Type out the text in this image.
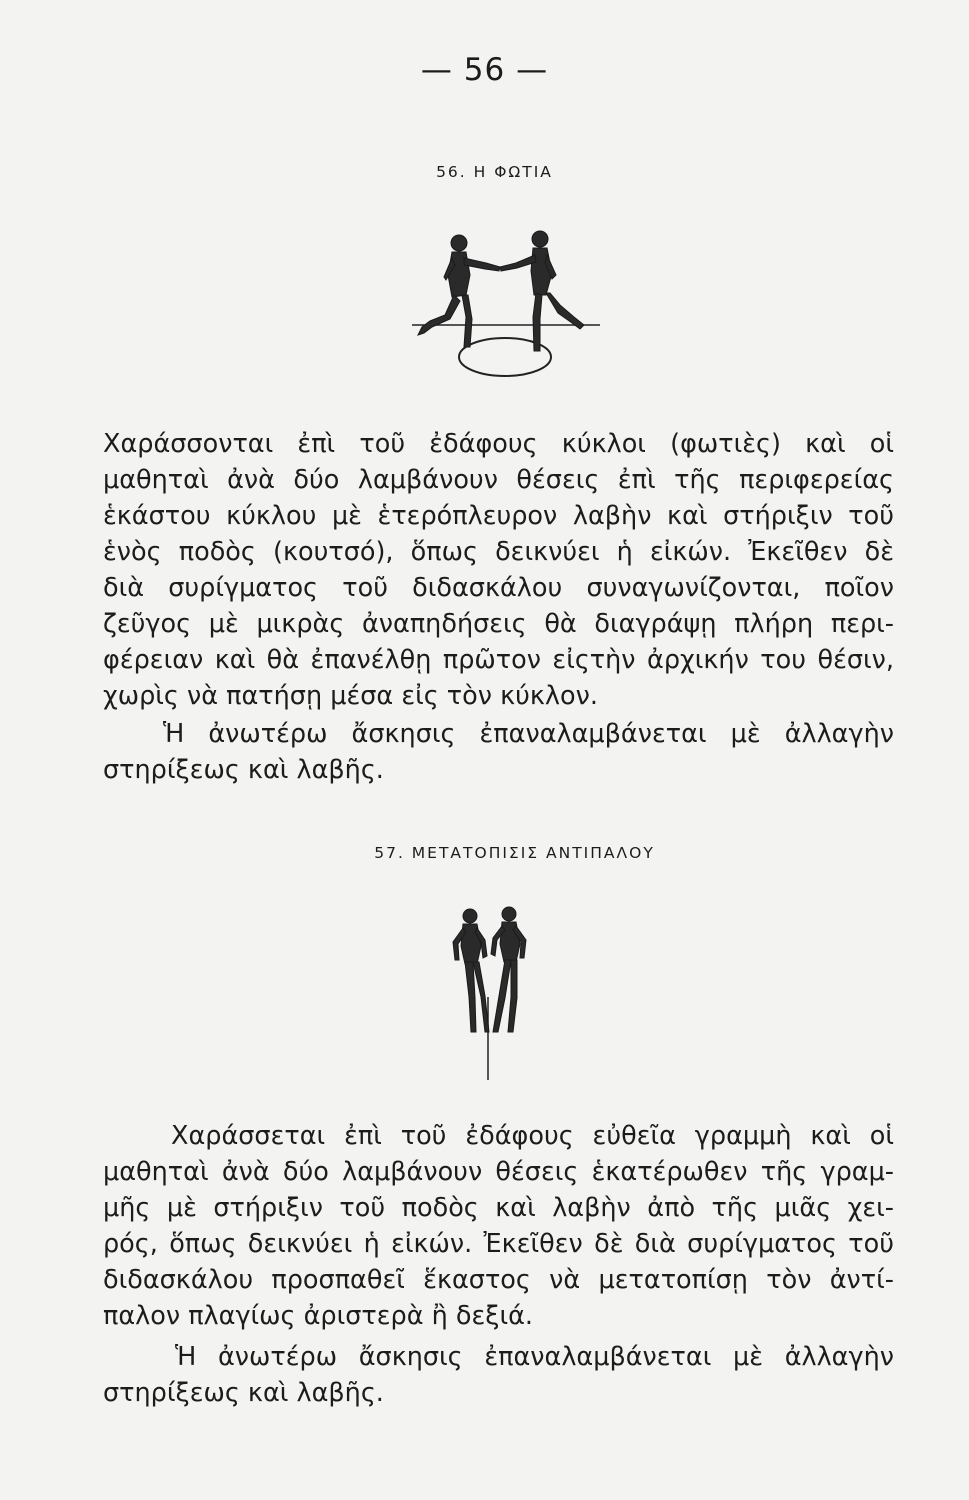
— 56 —
56. Η ΦΩΤΙΑ
Χαράσσονται ἐπὶ τοῦ ἐδάφους κύκλοι (φωτιὲς) καὶ οἱ
μαθηταὶ ἀνὰ δύο λαμβάνουν θέσεις ἐπὶ τῆς περιφερείας
ἑκάστου κύκλου μὲ ἑτερόπλευρον λαβὴν καὶ στήριξιν τοῦ
ἑνὸς ποδὸς (κουτσό), ὅπως δεικνύει ἡ εἰκών. Ἐκεῖθεν δὲ
διὰ συρίγματος τοῦ διδασκάλου συναγωνίζονται, ποῖον
ζεῦγος μὲ μικρὰς ἀναπηδήσεις θὰ διαγράψῃ πλήρη περι-
φέρειαν καὶ θὰ ἐπανέλθῃ πρῶτον εἰςτὴν ἀρχικήν του θέσιν,
χωρὶς νὰ πατήσῃ μέσα εἰς τὸν κύκλον.
Ἡ ἀνωτέρω ἄσκησις ἐπαναλαμβάνεται μὲ ἀλλαγὴν
στηρίξεως καὶ λαβῆς.
57. ΜΕΤΑΤΟΠΙΣΙΣ ΑΝΤΙΠΑΛΟΥ
Χαράσσεται ἐπὶ τοῦ ἐδάφους εὐθεῖα γραμμὴ καὶ οἱ
μαθηταὶ ἀνὰ δύο λαμβάνουν θέσεις ἑκατέρωθεν τῆς γραμ-
μῆς μὲ στήριξιν τοῦ ποδὸς καὶ λαβὴν ἀπὸ τῆς μιᾶς χει-
ρός, ὅπως δεικνύει ἡ εἰκών. Ἐκεῖθεν δὲ διὰ συρίγματος τοῦ
διδασκάλου προσπαθεῖ ἕκαστος νὰ μετατοπίσῃ τὸν ἀντί-
παλον πλαγίως ἀριστερὰ ἢ δεξιά.
Ἡ ἀνωτέρω ἄσκησις ἐπαναλαμβάνεται μὲ ἀλλαγὴν
στηρίξεως καὶ λαβῆς.
